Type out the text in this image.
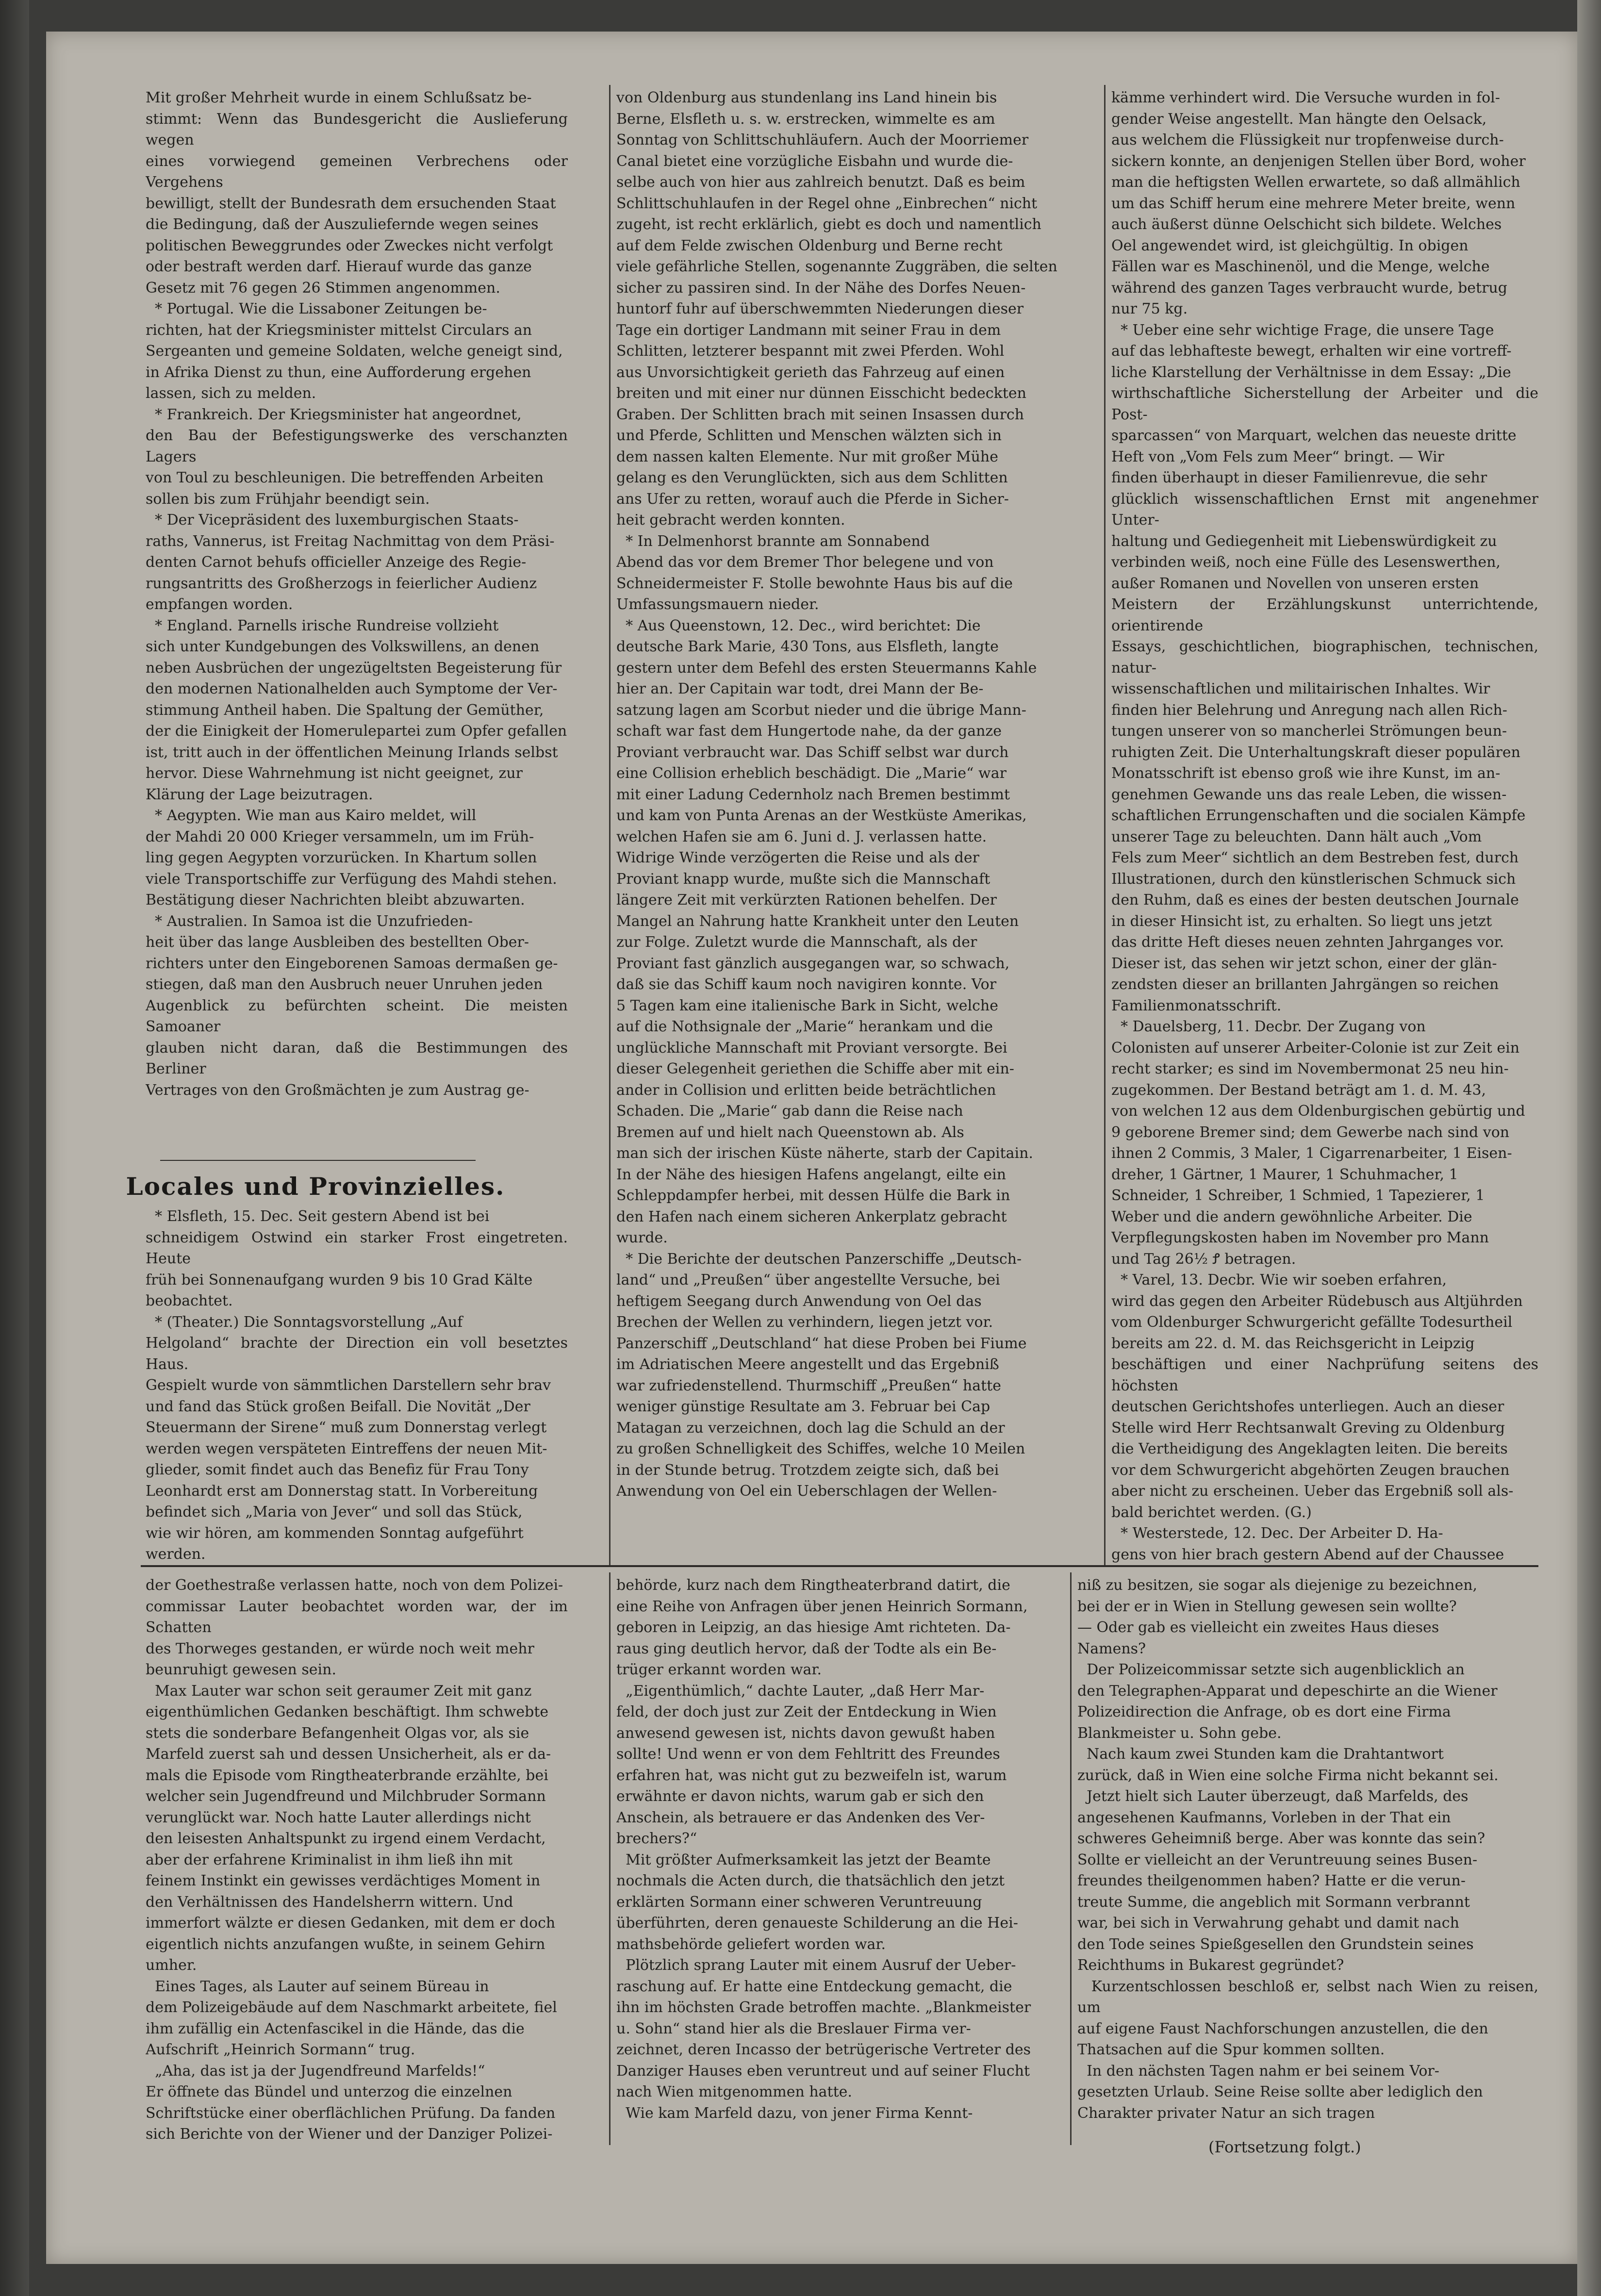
Mit großer Mehrheit wurde in einem Schlußsatz be-
stimmt: Wenn das Bundesgericht die Auslieferung wegen
eines vorwiegend gemeinen Verbrechens oder Vergehens
bewilligt, stellt der Bundesrath dem ersuchenden Staat
die Bedingung, daß der Auszuliefernde wegen seines
politischen Beweggrundes oder Zweckes nicht verfolgt
oder bestraft werden darf. Hierauf wurde das ganze
Gesetz mit 76 gegen 26 Stimmen angenommen.
* Portugal. Wie die Lissaboner Zeitungen be-
richten, hat der Kriegsminister mittelst Circulars an
Sergeanten und gemeine Soldaten, welche geneigt sind,
in Afrika Dienst zu thun, eine Aufforderung ergehen
lassen, sich zu melden.
* Frankreich. Der Kriegsminister hat angeordnet,
den Bau der Befestigungswerke des verschanzten Lagers
von Toul zu beschleunigen. Die betreffenden Arbeiten
sollen bis zum Frühjahr beendigt sein.
* Der Vicepräsident des luxemburgischen Staats-
raths, Vannerus, ist Freitag Nachmittag von dem Präsi-
denten Carnot behufs officieller Anzeige des Regie-
rungsantritts des Großherzogs in feierlicher Audienz
empfangen worden.
* England. Parnells irische Rundreise vollzieht
sich unter Kundgebungen des Volkswillens, an denen
neben Ausbrüchen der ungezügeltsten Begeisterung für
den modernen Nationalhelden auch Symptome der Ver-
stimmung Antheil haben. Die Spaltung der Gemüther,
der die Einigkeit der Homerulepartei zum Opfer gefallen
ist, tritt auch in der öffentlichen Meinung Irlands selbst
hervor. Diese Wahrnehmung ist nicht geeignet, zur
Klärung der Lage beizutragen.
* Aegypten. Wie man aus Kairo meldet, will
der Mahdi 20 000 Krieger versammeln, um im Früh-
ling gegen Aegypten vorzurücken. In Khartum sollen
viele Transportschiffe zur Verfügung des Mahdi stehen.
Bestätigung dieser Nachrichten bleibt abzuwarten.
* Australien. In Samoa ist die Unzufrieden-
heit über das lange Ausbleiben des bestellten Ober-
richters unter den Eingeborenen Samoas dermaßen ge-
stiegen, daß man den Ausbruch neuer Unruhen jeden
Augenblick zu befürchten scheint. Die meisten Samoaner
glauben nicht daran, daß die Bestimmungen des Berliner
Vertrages von den Großmächten je zum Austrag ge-

Locales und Provinzielles.
* Elsfleth, 15. Dec. Seit gestern Abend ist bei
schneidigem Ostwind ein starker Frost eingetreten. Heute
früh bei Sonnenaufgang wurden 9 bis 10 Grad Kälte
beobachtet.
* (Theater.) Die Sonntagsvorstellung „Auf
Helgoland“ brachte der Direction ein voll besetztes Haus.
Gespielt wurde von sämmtlichen Darstellern sehr brav
und fand das Stück großen Beifall. Die Novität „Der
Steuermann der Sirene“ muß zum Donnerstag verlegt
werden wegen verspäteten Eintreffens der neuen Mit-
glieder, somit findet auch das Benefiz für Frau Tony
Leonhardt erst am Donnerstag statt. In Vorbereitung
befindet sich „Maria von Jever“ und soll das Stück,
wie wir hören, am kommenden Sonntag aufgeführt
werden.

von Oldenburg aus stundenlang ins Land hinein bis
Berne, Elsfleth u. s. w. erstrecken, wimmelte es am
Sonntag von Schlittschuhläufern. Auch der Moorriemer
Canal bietet eine vorzügliche Eisbahn und wurde die-
selbe auch von hier aus zahlreich benutzt. Daß es beim
Schlittschuhlaufen in der Regel ohne „Einbrechen“ nicht
zugeht, ist recht erklärlich, giebt es doch und namentlich
auf dem Felde zwischen Oldenburg und Berne recht
viele gefährliche Stellen, sogenannte Zuggräben, die selten
sicher zu passiren sind. In der Nähe des Dorfes Neuen-
huntorf fuhr auf überschwemmten Niederungen dieser
Tage ein dortiger Landmann mit seiner Frau in dem
Schlitten, letzterer bespannt mit zwei Pferden. Wohl
aus Unvorsichtigkeit gerieth das Fahrzeug auf einen
breiten und mit einer nur dünnen Eisschicht bedeckten
Graben. Der Schlitten brach mit seinen Insassen durch
und Pferde, Schlitten und Menschen wälzten sich in
dem nassen kalten Elemente. Nur mit großer Mühe
gelang es den Verunglückten, sich aus dem Schlitten
ans Ufer zu retten, worauf auch die Pferde in Sicher-
heit gebracht werden konnten.
* In Delmenhorst brannte am Sonnabend
Abend das vor dem Bremer Thor belegene und von
Schneidermeister F. Stolle bewohnte Haus bis auf die
Umfassungsmauern nieder.
* Aus Queenstown, 12. Dec., wird berichtet: Die
deutsche Bark Marie, 430 Tons, aus Elsfleth, langte
gestern unter dem Befehl des ersten Steuermanns Kahle
hier an. Der Capitain war todt, drei Mann der Be-
satzung lagen am Scorbut nieder und die übrige Mann-
schaft war fast dem Hungertode nahe, da der ganze
Proviant verbraucht war. Das Schiff selbst war durch
eine Collision erheblich beschädigt. Die „Marie“ war
mit einer Ladung Cedernholz nach Bremen bestimmt
und kam von Punta Arenas an der Westküste Amerikas,
welchen Hafen sie am 6. Juni d. J. verlassen hatte.
Widrige Winde verzögerten die Reise und als der
Proviant knapp wurde, mußte sich die Mannschaft
längere Zeit mit verkürzten Rationen behelfen. Der
Mangel an Nahrung hatte Krankheit unter den Leuten
zur Folge. Zuletzt wurde die Mannschaft, als der
Proviant fast gänzlich ausgegangen war, so schwach,
daß sie das Schiff kaum noch navigiren konnte. Vor
5 Tagen kam eine italienische Bark in Sicht, welche
auf die Nothsignale der „Marie“ herankam und die
unglückliche Mannschaft mit Proviant versorgte. Bei
dieser Gelegenheit geriethen die Schiffe aber mit ein-
ander in Collision und erlitten beide beträchtlichen
Schaden. Die „Marie“ gab dann die Reise nach
Bremen auf und hielt nach Queenstown ab. Als
man sich der irischen Küste näherte, starb der Capitain.
In der Nähe des hiesigen Hafens angelangt, eilte ein
Schleppdampfer herbei, mit dessen Hülfe die Bark in
den Hafen nach einem sicheren Ankerplatz gebracht
wurde.
* Die Berichte der deutschen Panzerschiffe „Deutsch-
land“ und „Preußen“ über angestellte Versuche, bei
heftigem Seegang durch Anwendung von Oel das
Brechen der Wellen zu verhindern, liegen jetzt vor.
Panzerschiff „Deutschland“ hat diese Proben bei Fiume
im Adriatischen Meere angestellt und das Ergebniß
war zufriedenstellend. Thurmschiff „Preußen“ hatte
weniger günstige Resultate am 3. Februar bei Cap
Matagan zu verzeichnen, doch lag die Schuld an der
zu großen Schnelligkeit des Schiffes, welche 10 Meilen
in der Stunde betrug. Trotzdem zeigte sich, daß bei
Anwendung von Oel ein Ueberschlagen der Wellen-
kämme verhindert wird. Die Versuche wurden in fol-
gender Weise angestellt. Man hängte den Oelsack,
aus welchem die Flüssigkeit nur tropfenweise durch-
sickern konnte, an denjenigen Stellen über Bord, woher
man die heftigsten Wellen erwartete, so daß allmählich
um das Schiff herum eine mehrere Meter breite, wenn
auch äußerst dünne Oelschicht sich bildete. Welches
Oel angewendet wird, ist gleichgültig. In obigen
Fällen war es Maschinenöl, und die Menge, welche
während des ganzen Tages verbraucht wurde, betrug
nur 75 kg.
* Ueber eine sehr wichtige Frage, die unsere Tage
auf das lebhafteste bewegt, erhalten wir eine vortreff-
liche Klarstellung der Verhältnisse in dem Essay: „Die
wirthschaftliche Sicherstellung der Arbeiter und die Post-
sparcassen“ von Marquart, welchen das neueste dritte
Heft von „Vom Fels zum Meer“ bringt. — Wir
finden überhaupt in dieser Familienrevue, die sehr
glücklich wissenschaftlichen Ernst mit angenehmer Unter-
haltung und Gediegenheit mit Liebenswürdigkeit zu
verbinden weiß, noch eine Fülle des Lesenswerthen,
außer Romanen und Novellen von unseren ersten
Meistern der Erzählungskunst unterrichtende, orientirende
Essays, geschichtlichen, biographischen, technischen, natur-
wissenschaftlichen und militairischen Inhaltes. Wir
finden hier Belehrung und Anregung nach allen Rich-
tungen unserer von so mancherlei Strömungen beun-
ruhigten Zeit. Die Unterhaltungskraft dieser populären
Monatsschrift ist ebenso groß wie ihre Kunst, im an-
genehmen Gewande uns das reale Leben, die wissen-
schaftlichen Errungenschaften und die socialen Kämpfe
unserer Tage zu beleuchten. Dann hält auch „Vom
Fels zum Meer“ sichtlich an dem Bestreben fest, durch
Illustrationen, durch den künstlerischen Schmuck sich
den Ruhm, daß es eines der besten deutschen Journale
in dieser Hinsicht ist, zu erhalten. So liegt uns jetzt
das dritte Heft dieses neuen zehnten Jahrganges vor.
Dieser ist, das sehen wir jetzt schon, einer der glän-
zendsten dieser an brillanten Jahrgängen so reichen
Familienmonatsschrift.
* Dauelsberg, 11. Decbr. Der Zugang von
Colonisten auf unserer Arbeiter-Colonie ist zur Zeit ein
recht starker; es sind im Novembermonat 25 neu hin-
zugekommen. Der Bestand beträgt am 1. d. M. 43,
von welchen 12 aus dem Oldenburgischen gebürtig und
9 geborene Bremer sind; dem Gewerbe nach sind von
ihnen 2 Commis, 3 Maler, 1 Cigarrenarbeiter, 1 Eisen-
dreher, 1 Gärtner, 1 Maurer, 1 Schuhmacher, 1
Schneider, 1 Schreiber, 1 Schmied, 1 Tapezierer, 1
Weber und die andern gewöhnliche Arbeiter. Die
Verpflegungskosten haben im November pro Mann
und Tag 26½ Ꝭ betragen.
* Varel, 13. Decbr. Wie wir soeben erfahren,
wird das gegen den Arbeiter Rüdebusch aus Altjührden
vom Oldenburger Schwurgericht gefällte Todesurtheil
bereits am 22. d. M. das Reichsgericht in Leipzig
beschäftigen und einer Nachprüfung seitens des höchsten
deutschen Gerichtshofes unterliegen. Auch an dieser
Stelle wird Herr Rechtsanwalt Greving zu Oldenburg
die Vertheidigung des Angeklagten leiten. Die bereits
vor dem Schwurgericht abgehörten Zeugen brauchen
aber nicht zu erscheinen. Ueber das Ergebniß soll als-
bald berichtet werden. (G.)
* Westerstede, 12. Dec. Der Arbeiter D. Ha-
gens von hier brach gestern Abend auf der Chaussee

der Goethestraße verlassen hatte, noch von dem Polizei-
commissar Lauter beobachtet worden war, der im Schatten
des Thorweges gestanden, er würde noch weit mehr
beunruhigt gewesen sein.
Max Lauter war schon seit geraumer Zeit mit ganz
eigenthümlichen Gedanken beschäftigt. Ihm schwebte
stets die sonderbare Befangenheit Olgas vor, als sie
Marfeld zuerst sah und dessen Unsicherheit, als er da-
mals die Episode vom Ringtheaterbrande erzählte, bei
welcher sein Jugendfreund und Milchbruder Sormann
verunglückt war. Noch hatte Lauter allerdings nicht
den leisesten Anhaltspunkt zu irgend einem Verdacht,
aber der erfahrene Kriminalist in ihm ließ ihn mit
feinem Instinkt ein gewisses verdächtiges Moment in
den Verhältnissen des Handelsherrn wittern. Und
immerfort wälzte er diesen Gedanken, mit dem er doch
eigentlich nichts anzufangen wußte, in seinem Gehirn
umher.
Eines Tages, als Lauter auf seinem Büreau in
dem Polizeigebäude auf dem Naschmarkt arbeitete, fiel
ihm zufällig ein Actenfascikel in die Hände, das die
Aufschrift „Heinrich Sormann“ trug.
„Aha, das ist ja der Jugendfreund Marfelds!“
Er öffnete das Bündel und unterzog die einzelnen
Schriftstücke einer oberflächlichen Prüfung. Da fanden
sich Berichte von der Wiener und der Danziger Polizei-
behörde, kurz nach dem Ringtheaterbrand datirt, die
eine Reihe von Anfragen über jenen Heinrich Sormann,
geboren in Leipzig, an das hiesige Amt richteten. Da-
raus ging deutlich hervor, daß der Todte als ein Be-
trüger erkannt worden war.
„Eigenthümlich,“ dachte Lauter, „daß Herr Mar-
feld, der doch just zur Zeit der Entdeckung in Wien
anwesend gewesen ist, nichts davon gewußt haben
sollte! Und wenn er von dem Fehltritt des Freundes
erfahren hat, was nicht gut zu bezweifeln ist, warum
erwähnte er davon nichts, warum gab er sich den
Anschein, als betrauere er das Andenken des Ver-
brechers?“
Mit größter Aufmerksamkeit las jetzt der Beamte
nochmals die Acten durch, die thatsächlich den jetzt
erklärten Sormann einer schweren Veruntreuung
überführten, deren genaueste Schilderung an die Hei-
mathsbehörde geliefert worden war.
Plötzlich sprang Lauter mit einem Ausruf der Ueber-
raschung auf. Er hatte eine Entdeckung gemacht, die
ihn im höchsten Grade betroffen machte. „Blankmeister
u. Sohn“ stand hier als die Breslauer Firma ver-
zeichnet, deren Incasso der betrügerische Vertreter des
Danziger Hauses eben veruntreut und auf seiner Flucht
nach Wien mitgenommen hatte.
Wie kam Marfeld dazu, von jener Firma Kennt-
niß zu besitzen, sie sogar als diejenige zu bezeichnen,
bei der er in Wien in Stellung gewesen sein wollte?
— Oder gab es vielleicht ein zweites Haus dieses
Namens?
Der Polizeicommissar setzte sich augenblicklich an
den Telegraphen-Apparat und depeschirte an die Wiener
Polizeidirection die Anfrage, ob es dort eine Firma
Blankmeister u. Sohn gebe.
Nach kaum zwei Stunden kam die Drahtantwort
zurück, daß in Wien eine solche Firma nicht bekannt sei.
Jetzt hielt sich Lauter überzeugt, daß Marfelds, des
angesehenen Kaufmanns, Vorleben in der That ein
schweres Geheimniß berge. Aber was konnte das sein?
Sollte er vielleicht an der Veruntreuung seines Busen-
freundes theilgenommen haben? Hatte er die verun-
treute Summe, die angeblich mit Sormann verbrannt
war, bei sich in Verwahrung gehabt und damit nach
den Tode seines Spießgesellen den Grundstein seines
Reichthums in Bukarest gegründet?
Kurzentschlossen beschloß er, selbst nach Wien zu reisen, um
auf eigene Faust Nachforschungen anzustellen, die den
Thatsachen auf die Spur kommen sollten.
In den nächsten Tagen nahm er bei seinem Vor-
gesetzten Urlaub. Seine Reise sollte aber lediglich den
Charakter privater Natur an sich tragen
(Fortsetzung folgt.)
